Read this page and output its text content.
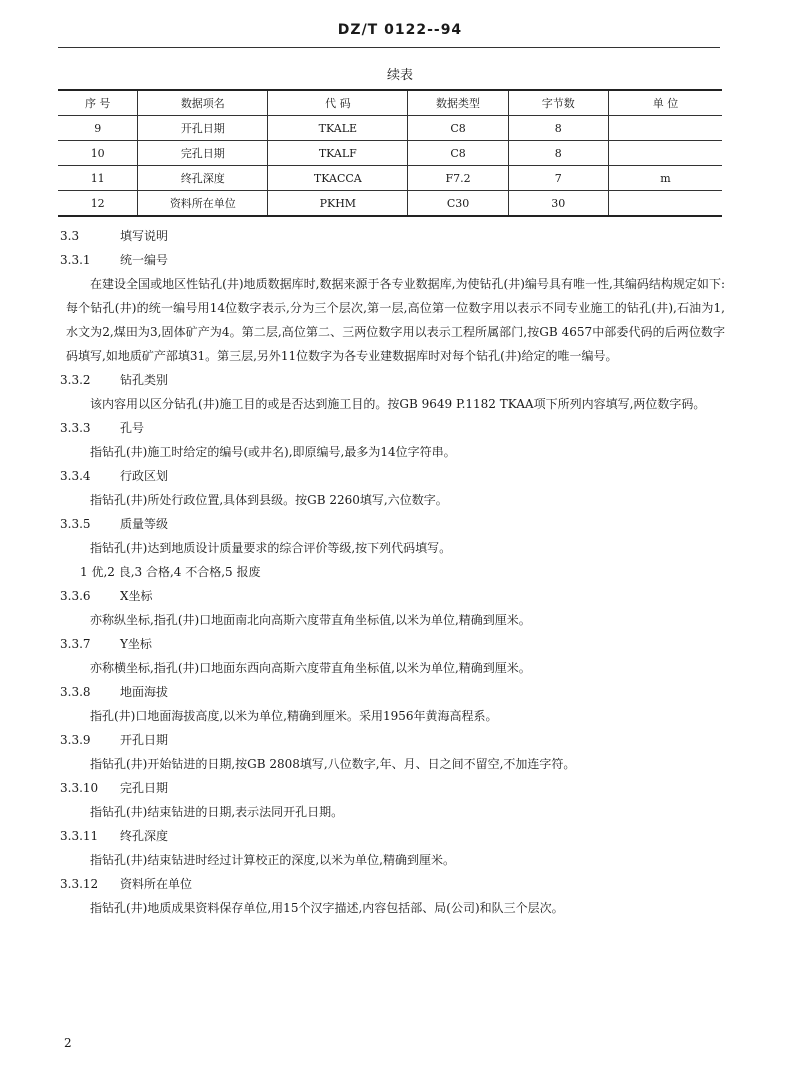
DZ/T 0122--94
续表
序 号	数据项名	代 码	数据类型	字节数	单 位
9	开孔日期	TKALE	C8	8	
10	完孔日期	TKALF	C8	8	
11	终孔深度	TKACCA	F7.2	7	m
12	资料所在单位	PKHM	C30	30	

3.3	填写说明

3.3.1 统一编号

在建设全国或地区性钻孔(井)地质数据库时,数据来源于各专业数据库,为使钻孔(井)编号具有唯一性,其编码结构规定如下:每个钻孔(井)的统一编号用14位数字表示,分为三个层次,第一层,高位第一位数字用以表示不同专业施工的钻孔(井),石油为1,水文为2,煤田为3,固体矿产为4。第二层,高位第二、三两位数字用以表示工程所属部门,按GB 4657中部委代码的后两位数字码填写,如地质矿产部填31。第三层,另外11位数字为各专业建数据库时对每个钻孔(井)给定的唯一编号。

3.3.2 钻孔类别

该内容用以区分钻孔(井)施工目的或是否达到施工目的。按GB 9649 P.1182 TKAA项下所列内容填写,两位数字码。

3.3.3 孔号

指钻孔(井)施工时给定的编号(或井名),即原编号,最多为14位字符串。

3.3.4 行政区划

指钻孔(井)所处行政位置,具体到县级。按GB 2260填写,六位数字。

3.3.5 质量等级

指钻孔(井)达到地质设计质量要求的综合评价等级,按下列代码填写。

1 优,2 良,3 合格,4 不合格,5 报废

3.3.6 X坐标

亦称纵坐标,指孔(井)口地面南北向高斯六度带直角坐标值,以米为单位,精确到厘米。

3.3.7 Y坐标

亦称横坐标,指孔(井)口地面东西向高斯六度带直角坐标值,以米为单位,精确到厘米。

3.3.8 地面海拔

指孔(井)口地面海拔高度,以米为单位,精确到厘米。采用1956年黄海高程系。

3.3.9 开孔日期

指钻孔(井)开始钻进的日期,按GB 2808填写,八位数字,年、月、日之间不留空,不加连字符。

3.3.10 完孔日期

指钻孔(井)结束钻进的日期,表示法同开孔日期。

3.3.11 终孔深度

指钻孔(井)结束钻进时经过计算校正的深度,以米为单位,精确到厘米。

3.3.12 资料所在单位

指钻孔(井)地质成果资料保存单位,用15个汉字描述,内容包括部、局(公司)和队三个层次。

2
